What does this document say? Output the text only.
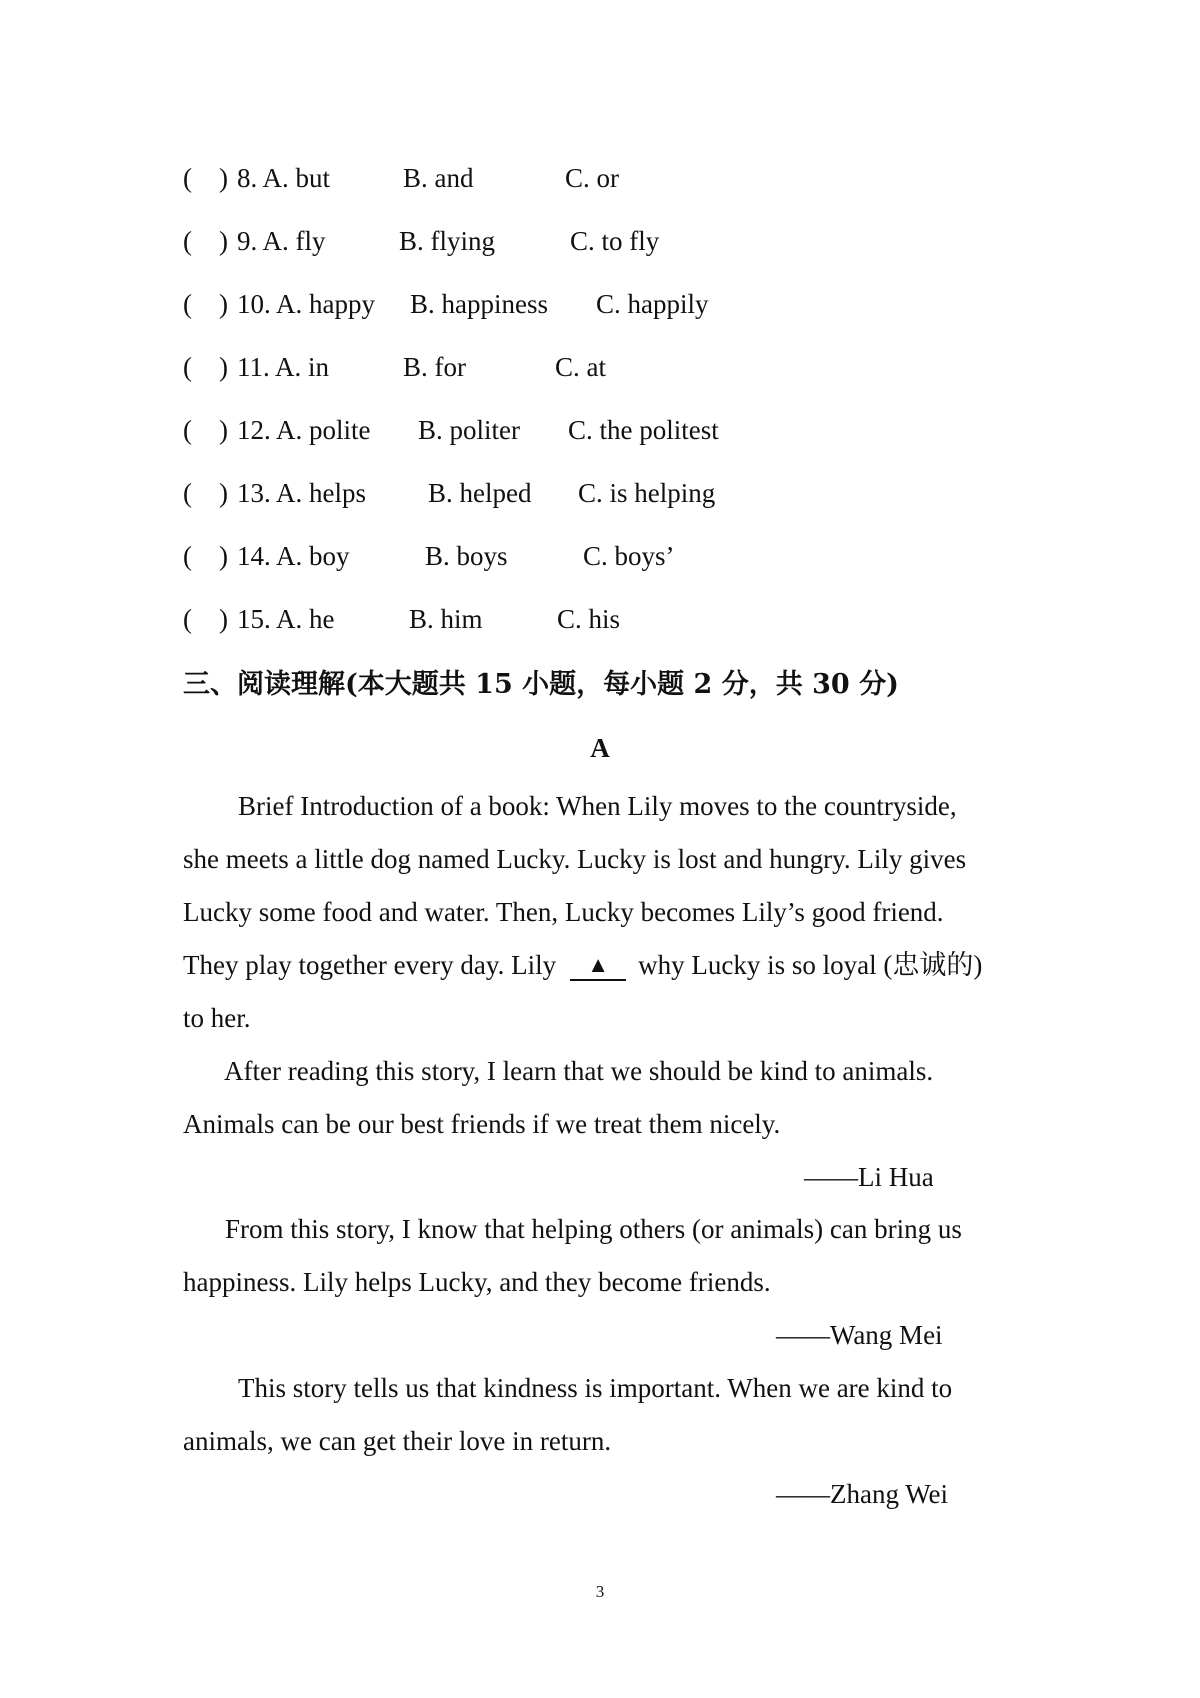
( ) 8. A. but	B. and	C. or
( ) 9. A. fly	B. flying	C. to fly
( ) 10. A. happy B. happiness C. happily
( ) 11. A. in	B. for	C. at
( ) 12. A. polite B. politer C. the politest
( ) 13. A. helps B. helped C. is helping
( ) 14. A. boy	B. boys	C. boys’
( ) 15. A. he	B. him	C. his
三、阅读理解(本大题共 15 小题，每小题 2 分，共 30 分)
A
Brief Introduction of a book: When Lily moves to the countryside,
she meets a little dog named Lucky. Lucky is lost and hungry. Lily gives
Lucky some food and water. Then, Lucky becomes Lily’s good friend.
They play together every day. Lily ▲ why Lucky is so loyal (忠诚的)
to her.
After reading this story, I learn that we should be kind to animals.
Animals can be our best friends if we treat them nicely.
——Li Hua
From this story, I know that helping others (or animals) can bring us
happiness. Lily helps Lucky, and they become friends.
——Wang Mei
This story tells us that kindness is important. When we are kind to
animals, we can get their love in return.
——Zhang Wei
3
